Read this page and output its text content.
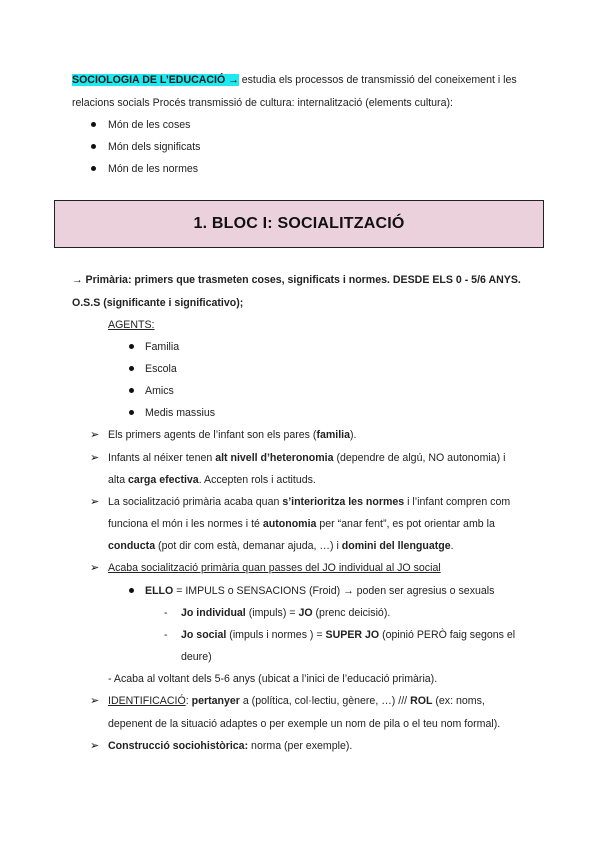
SOCIOLOGIA DE L’EDUCACIÓ → estudia els processos de transmissió del coneixement i les
relacions socials Procés transmissió de cultura: internalització (elements cultura):
Món de les coses
Món dels significats
Món de les normes
1. BLOC I: SOCIALITZACIÓ
→ Primària: primers que trasmeten coses, significats i normes. DESDE ELS 0 - 5/6 ANYS.
O.S.S (significante i significativo);
AGENTS:
Familia
Escola
Amics
Medis massius
➢ Els primers agents de l’infant son els pares (familia).
➢ Infants al néixer tenen alt nivell d’heteronomia (dependre de algú, NO autonomia) i
alta carga efectiva. Accepten rols i actituds.
➢ La socialització primària acaba quan s’interioritza les normes i l’infant compren com
funciona el món i les normes i té autonomia per “anar fent”, es pot orientar amb la
conducta (pot dir com està, demanar ajuda, …) i domini del llenguatge.
➢ Acaba socialització primària quan passes del JO individual al JO social
ELLO = IMPULS o SENSACIONS (Froid) → poden ser agresius o sexuals
- Jo individual (impuls) = JO (prenc deicisió).
- Jo social (impuls i normes ) = SUPER JO (opinió PERÒ faig segons el
deure)
- Acaba al voltant dels 5-6 anys (ubicat a l’inici de l’educació primària).
➢ IDENTIFICACIÓ: pertanyer a (política, col·lectiu, gènere, …) /// ROL (ex: noms,
depenent de la situació adaptes o per exemple un nom de pila o el teu nom formal).
➢ Construcció sociohistòrica: norma (per exemple).
